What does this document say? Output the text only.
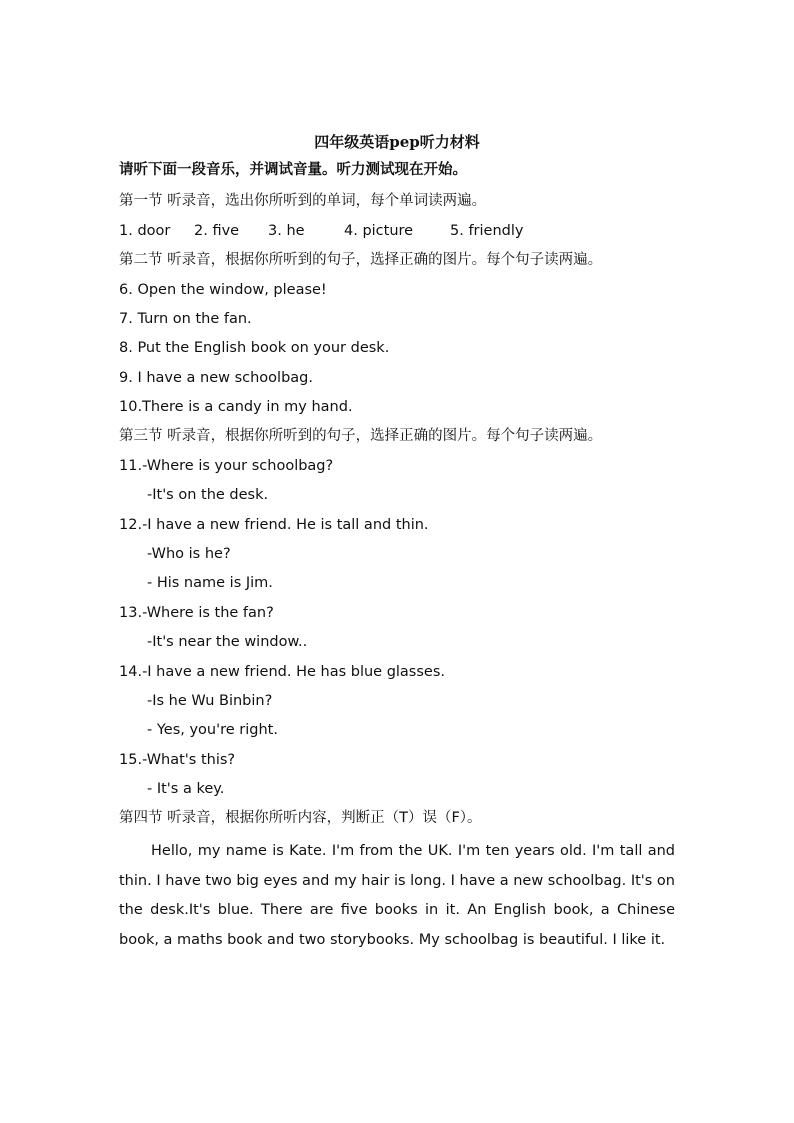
四年级英语pep听力材料
请听下面一段音乐，并调试音量。听力测试现在开始。
第一节 听录音，选出你所听到的单词，每个单词读两遍。
1. door 2. five 3. he	4. picture	5. friendly
第二节 听录音，根据你所听到的句子，选择正确的图片。每个句子读两遍。
6. Open the window, please!
7. Turn on the fan.
8. Put the English book on your desk.
9. I have a new schoolbag.
10.There is a candy in my hand.
第三节 听录音，根据你所听到的句子，选择正确的图片。每个句子读两遍。
11.-Where is your schoolbag?
-It's on the desk.
12.-I have a new friend. He is tall and thin.
-Who is he?
- His name is Jim.
13.-Where is the fan?
-It's near the window..
14.-I have a new friend. He has blue glasses.
-Is he Wu Binbin?
- Yes, you're right.
15.-What's this?
- It's a key.
第四节 听录音，根据你所听内容，判断正（T）误（F）。
Hello, my name is Kate. I'm from the UK. I'm ten years old. I'm tall and thin. I have two big eyes and my hair is long. I have a new schoolbag. It's on the desk.It's blue. There are five books in it. An English book, a Chinese book, a maths book and two storybooks. My schoolbag is beautiful. I like it.
